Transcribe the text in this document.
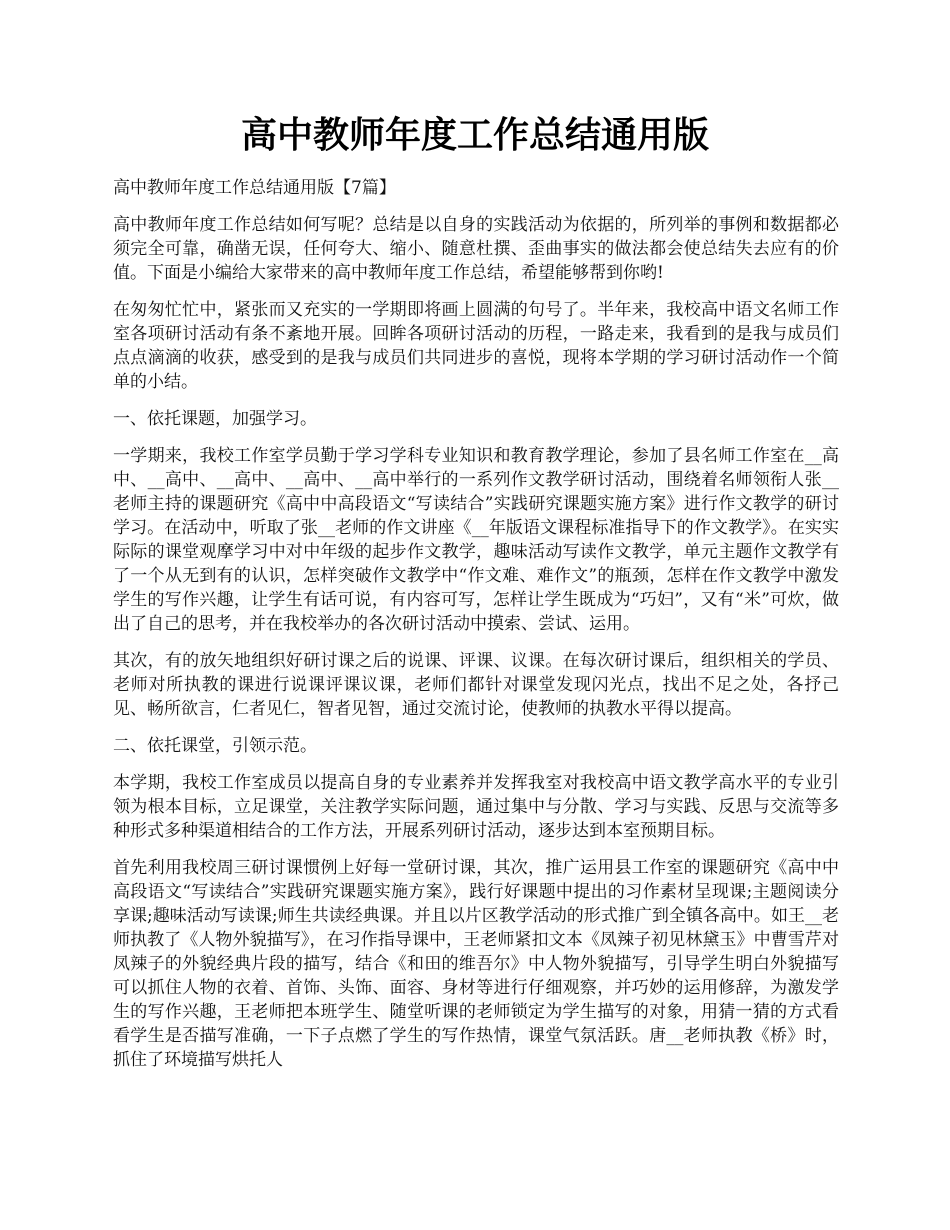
高中教师年度工作总结通用版

高中教师年度工作总结通用版【7篇】

高中教师年度工作总结如何写呢？总结是以自身的实践活动为依据的，所列举的事例和数据都必须完全可靠，确凿无误，任何夸大、缩小、随意杜撰、歪曲事实的做法都会使总结失去应有的价值。下面是小编给大家带来的高中教师年度工作总结，希望能够帮到你哟!

在匆匆忙忙中，紧张而又充实的一学期即将画上圆满的句号了。半年来，我校高中语文名师工作室各项研讨活动有条不紊地开展。回眸各项研讨活动的历程，一路走来，我看到的是我与成员们点点滴滴的收获，感受到的是我与成员们共同进步的喜悦，现将本学期的学习研讨活动作一个简单的小结。

一、依托课题，加强学习。

一学期来，我校工作室学员勤于学习学科专业知识和教育教学理论，参加了县名师工作室在__高中、__高中、__高中、__高中、__高中举行的一系列作文教学研讨活动，围绕着名师领衔人张__老师主持的课题研究《高中中高段语文“写读结合”实践研究课题实施方案》进行作文教学的研讨学习。在活动中，听取了张__老师的作文讲座《__年版语文课程标准指导下的作文教学》。在实实际际的课堂观摩学习中对中年级的起步作文教学，趣味活动写读作文教学，单元主题作文教学有了一个从无到有的认识，怎样突破作文教学中“作文难、难作文”的瓶颈，怎样在作文教学中激发学生的写作兴趣，让学生有话可说，有内容可写，怎样让学生既成为“巧妇”，又有“米”可炊，做出了自己的思考，并在我校举办的各次研讨活动中摸索、尝试、运用。

其次，有的放矢地组织好研讨课之后的说课、评课、议课。在每次研讨课后，组织相关的学员、老师对所执教的课进行说课评课议课，老师们都针对课堂发现闪光点，找出不足之处，各抒己见、畅所欲言，仁者见仁，智者见智，通过交流讨论，使教师的执教水平得以提高。

二、依托课堂，引领示范。

本学期，我校工作室成员以提高自身的专业素养并发挥我室对我校高中语文教学高水平的专业引领为根本目标，立足课堂，关注教学实际问题，通过集中与分散、学习与实践、反思与交流等多种形式多种渠道相结合的工作方法，开展系列研讨活动，逐步达到本室预期目标。

首先利用我校周三研讨课惯例上好每一堂研讨课，其次，推广运用县工作室的课题研究《高中中高段语文“写读结合”实践研究课题实施方案》，践行好课题中提出的习作素材呈现课;主题阅读分享课;趣味活动写读课;师生共读经典课。并且以片区教学活动的形式推广到全镇各高中。如王__老师执教了《人物外貌描写》，在习作指导课中，王老师紧扣文本《凤辣子初见林黛玉》中曹雪芹对凤辣子的外貌经典片段的描写，结合《和田的维吾尔》中人物外貌描写，引导学生明白外貌描写可以抓住人物的衣着、首饰、头饰、面容、身材等进行仔细观察，并巧妙的运用修辞，为激发学生的写作兴趣，王老师把本班学生、随堂听课的老师锁定为学生描写的对象，用猜一猜的方式看看学生是否描写准确，一下子点燃了学生的写作热情，课堂气氛活跃。唐__老师执教《桥》时，抓住了环境描写烘托人
